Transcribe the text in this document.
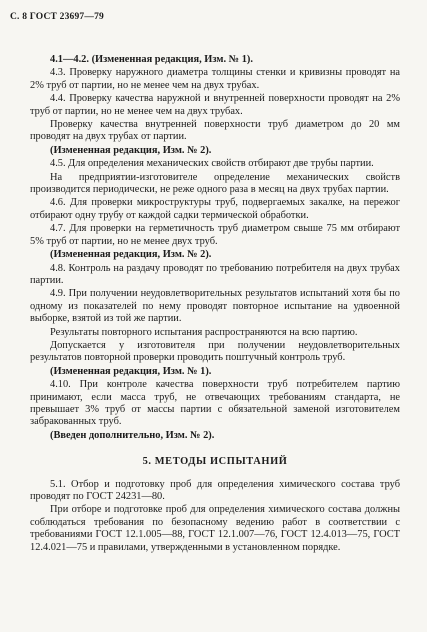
С. 8 ГОСТ 23697—79

4.1—4.2. (Измененная редакция, Изм. № 1).

4.3. Проверку наружного диаметра толщины стенки и кривизны проводят на 2% труб от партии, но не менее чем на двух трубах.

4.4. Проверку качества наружной и внутренней поверхности проводят на 2% труб от партии, но не менее чем на двух трубах.

Проверку качества внутренней поверхности труб диаметром до 20 мм проводят на двух трубах от партии.

(Измененная редакция, Изм. № 2).

4.5. Для определения механических свойств отбирают две трубы партии.

На предприятии-изготовителе определение механических свойств производится периодически, не реже одного раза в месяц на двух трубах партии.

4.6. Для проверки микроструктуры труб, подвергаемых закалке, на пережог отбирают одну трубу от каждой садки термической обработки.

4.7. Для проверки на герметичность труб диаметром свыше 75 мм отбирают 5% труб от партии, но не менее двух труб.

(Измененная редакция, Изм. № 2).

4.8. Контроль на раздачу проводят по требованию потребителя на двух трубах партии.

4.9. При получении неудовлетворительных результатов испытаний хотя бы по одному из показателей по нему проводят повторное испытание на удвоенной выборке, взятой из той же партии.

Результаты повторного испытания распространяются на всю партию.

Допускается у изготовителя при получении неудовлетворительных результатов повторной проверки проводить поштучный контроль труб.

(Измененная редакция, Изм. № 1).

4.10. При контроле качества поверхности труб потребителем партию принимают, если масса труб, не отвечающих требованиям стандарта, не превышает 3% труб от массы партии с обязательной заменой изготовителем забракованных труб.

(Введен дополнительно, Изм. № 2).

5. МЕТОДЫ ИСПЫТАНИЙ

5.1. Отбор и подготовку проб для определения химического состава труб проводят по ГОСТ 24231—80.

При отборе и подготовке проб для определения химического состава должны соблюдаться требования по безопасному ведению работ в соответствии с требованиями ГОСТ 12.1.005—88, ГОСТ 12.1.007—76, ГОСТ 12.4.013—75, ГОСТ 12.4.021—75 и правилами, утвержденными в установленном порядке.
